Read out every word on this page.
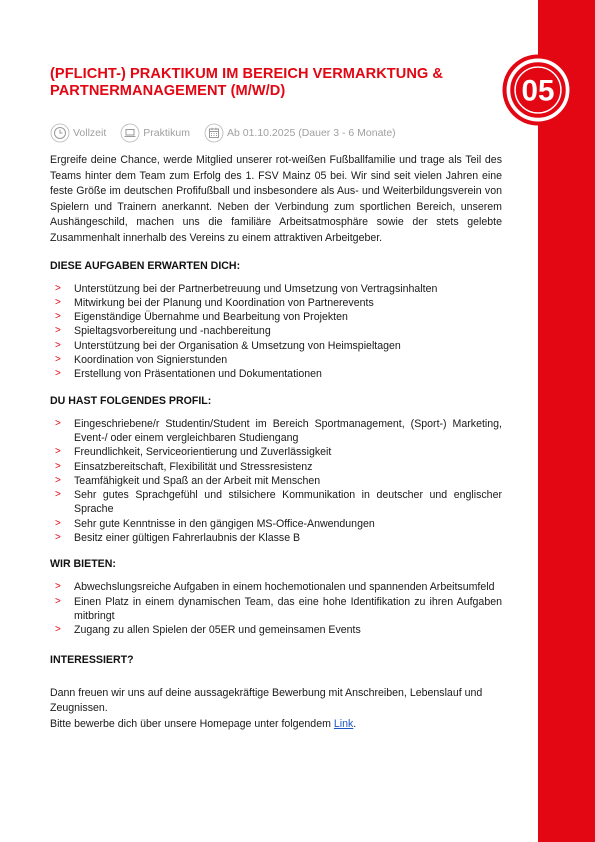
05
(PFLICHT-) PRAKTIKUM IM BEREICH VERMARKTUNG & PARTNERMANAGEMENT (M/W/D)
Vollzeit	Praktikum	Ab 01.10.2025 (Dauer 3 - 6 Monate)

Ergreife deine Chance, werde Mitglied unserer rot-weißen Fußballfamilie und trage als Teil des Teams hinter dem Team zum Erfolg des 1. FSV Mainz 05 bei. Wir sind seit vielen Jahren eine feste Größe im deutschen Profifußball und insbesondere als Aus- und Weiterbildungsverein von Spielern und Trainern anerkannt. Neben der Verbindung zum sportlichen Bereich, unserem Aushängeschild, machen uns die familiäre Arbeitsatmosphäre sowie der stets gelebte Zusammenhalt innerhalb des Vereins zu einem attraktiven Arbeitgeber.

DIESE AUFGABEN ERWARTEN DICH:
> Unterstützung bei der Partnerbetreuung und Umsetzung von Vertragsinhalten
> Mitwirkung bei der Planung und Koordination von Partnerevents
> Eigenständige Übernahme und Bearbeitung von Projekten
> Spieltagsvorbereitung und -nachbereitung
> Unterstützung bei der Organisation & Umsetzung von Heimspieltagen
> Koordination von Signierstunden
> Erstellung von Präsentationen und Dokumentationen
DU HAST FOLGENDES PROFIL:
> Eingeschriebene/r Studentin/Student im Bereich Sportmanagement, (Sport-) Marketing, Event-/ oder einem vergleichbaren Studiengang
> Freundlichkeit, Serviceorientierung und Zuverlässigkeit
> Einsatzbereitschaft, Flexibilität und Stressresistenz
> Teamfähigkeit und Spaß an der Arbeit mit Menschen
> Sehr gutes Sprachgefühl und stilsichere Kommunikation in deutscher und englischer Sprache
> Sehr gute Kenntnisse in den gängigen MS-Office-Anwendungen
> Besitz einer gültigen Fahrerlaubnis der Klasse B
WIR BIETEN:
> Abwechslungsreiche Aufgaben in einem hochemotionalen und spannenden Arbeitsumfeld
> Einen Platz in einem dynamischen Team, das eine hohe Identifikation zu ihren Aufgaben mitbringt
> Zugang zu allen Spielen der 05ER und gemeinsamen Events
INTERESSIERT?
Dann freuen wir uns auf deine aussagekräftige Bewerbung mit Anschreiben, Lebenslauf und Zeugnissen.
Bitte bewerbe dich über unsere Homepage unter folgendem Link.
